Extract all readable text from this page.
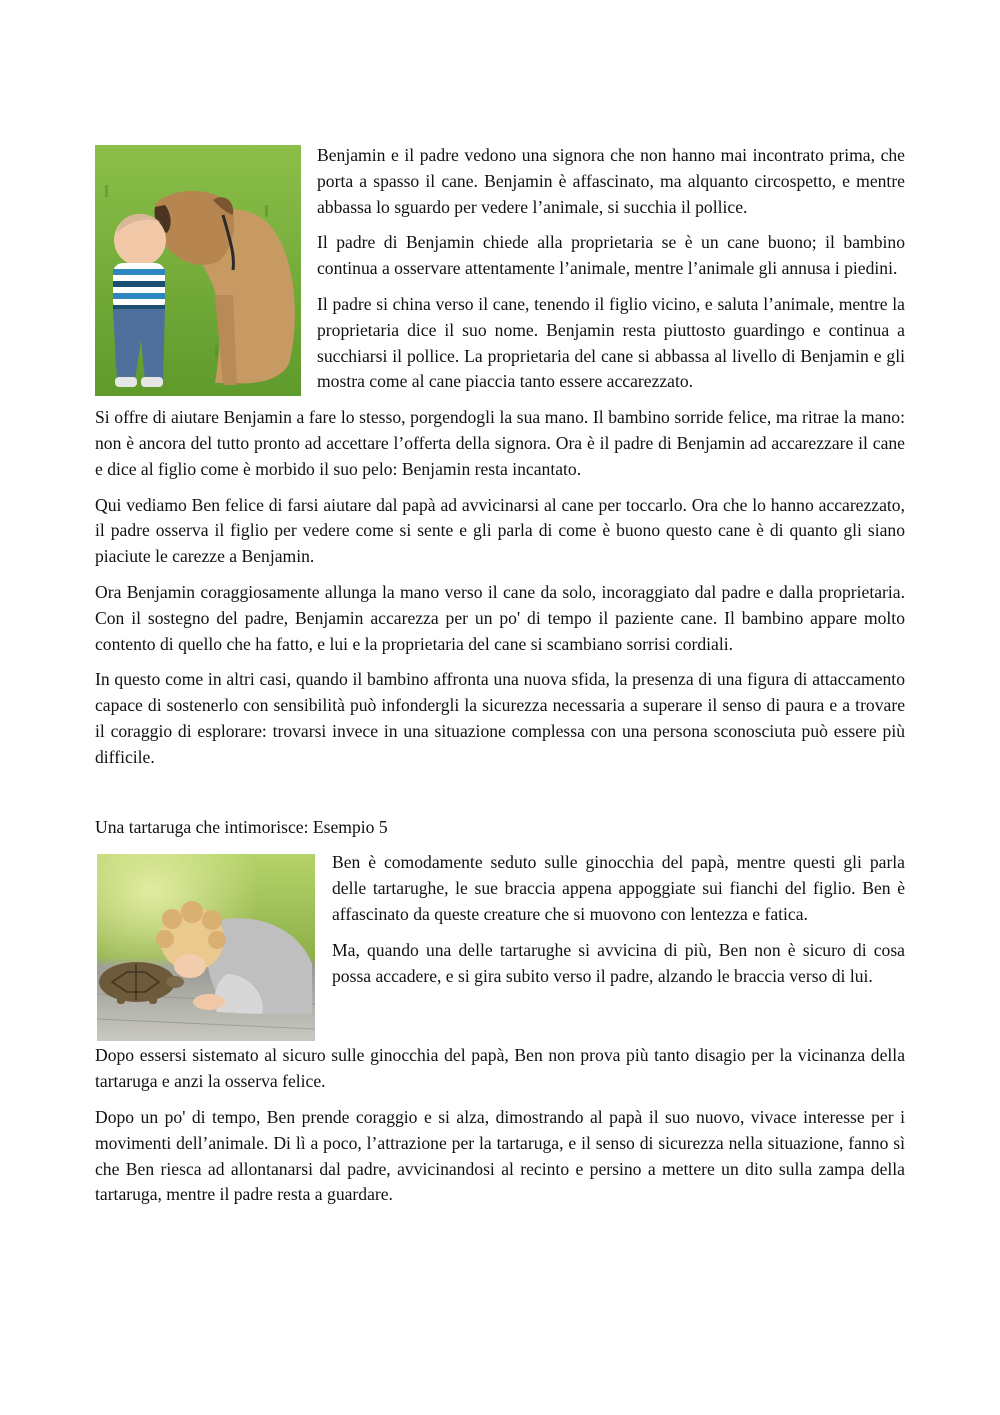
Benjamin e il padre vedono una signora che non hanno mai incontrato prima, che porta a spasso il cane. Benjamin è affascinato, ma alquanto circospetto, e mentre abbassa lo sguardo per vedere l’animale, si succhia il pollice.

Il padre di Benjamin chiede alla proprietaria se è un cane buono; il bambino continua a osservare attentamente l’animale, mentre l’animale gli annusa i piedini.

Il padre si china verso il cane, tenendo il figlio vicino, e saluta l’animale, mentre la proprietaria dice il suo nome. Benjamin resta piuttosto guardingo e continua a succhiarsi il pollice. La proprietaria del cane si abbassa al livello di Benjamin e gli mostra come al cane piaccia tanto essere accarezzato.

Si offre di aiutare Benjamin a fare lo stesso, porgendogli la sua mano. Il bambino sorride felice, ma ritrae la mano: non è ancora del tutto pronto ad accettare l’offerta della signora. Ora è il padre di Benjamin ad accarezzare il cane e dice al figlio come è morbido il suo pelo: Benjamin resta incantato.

Qui vediamo Ben felice di farsi aiutare dal papà ad avvicinarsi al cane per toccarlo. Ora che lo hanno accarezzato, il padre osserva il figlio per vedere come si sente e gli parla di come è buono questo cane è di quanto gli siano piaciute le carezze a Benjamin.

Ora Benjamin coraggiosamente allunga la mano verso il cane da solo, incoraggiato dal padre e dalla proprietaria. Con il sostegno del padre, Benjamin accarezza per un po' di tempo il paziente cane. Il bambino appare molto contento di quello che ha fatto, e lui e la proprietaria del cane si scambiano sorrisi cordiali.

In questo come in altri casi, quando il bambino affronta una nuova sfida, la presenza di una figura di attaccamento capace di sostenerlo con sensibilità può infondergli la sicurezza necessaria a superare il senso di paura e a trovare il coraggio di esplorare: trovarsi invece in una situazione complessa con una persona sconosciuta può essere più difficile.

Una tartaruga che intimorisce: Esempio 5

Ben è comodamente seduto sulle ginocchia del papà, mentre questi gli parla delle tartarughe, le sue braccia appena appoggiate sui fianchi del figlio. Ben è affascinato da queste creature che si muovono con lentezza e fatica.

Ma, quando una delle tartarughe si avvicina di più, Ben non è sicuro di cosa possa accadere, e si gira subito verso il padre, alzando le braccia verso di lui.

Dopo essersi sistemato al sicuro sulle ginocchia del papà, Ben non prova più tanto disagio per la vicinanza della tartaruga e anzi la osserva felice.

Dopo un po' di tempo, Ben prende coraggio e si alza, dimostrando al papà il suo nuovo, vivace interesse per i movimenti dell’animale. Di lì a poco, l’attrazione per la tartaruga, e il senso di sicurezza nella situazione, fanno sì che Ben riesca ad allontanarsi dal padre, avvicinandosi al recinto e persino a mettere un dito sulla zampa della tartaruga, mentre il padre resta a guardare.
